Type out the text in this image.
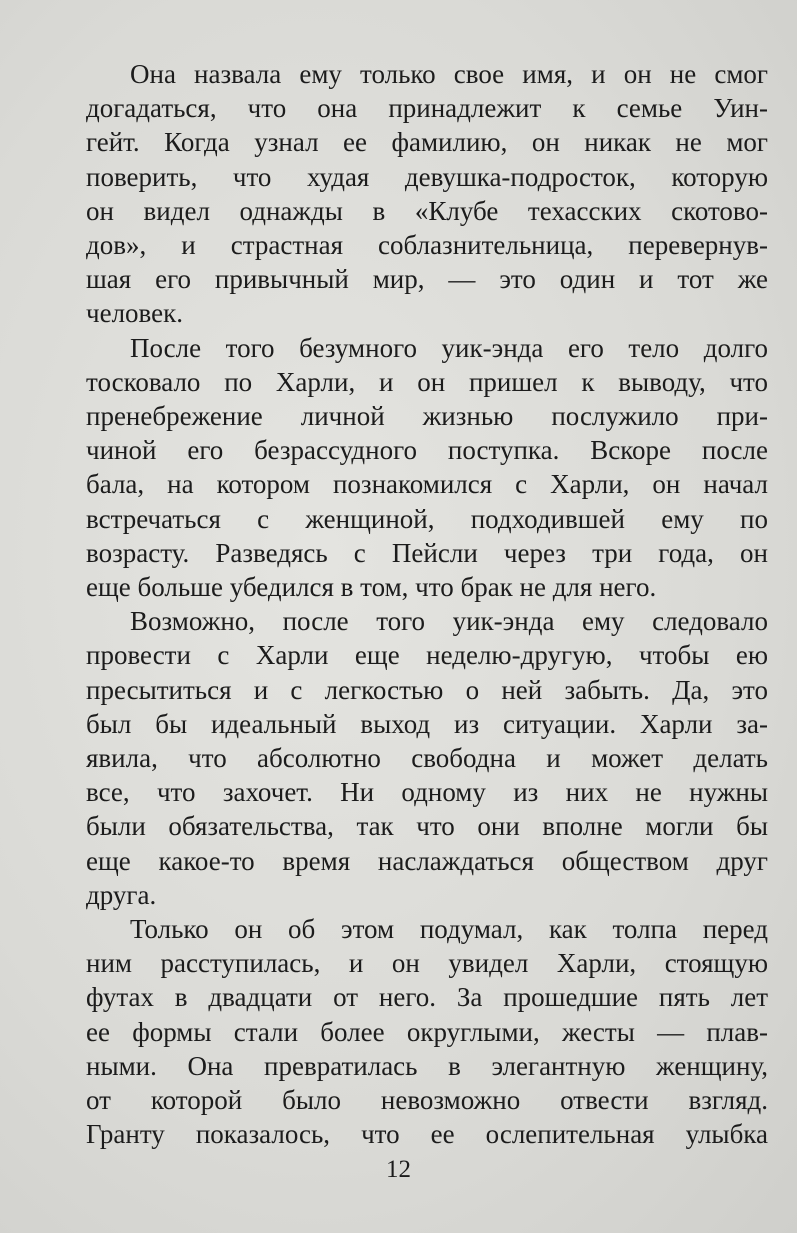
Она назвала ему только свое имя, и он не смог
догадаться, что она принадлежит к семье Уин-
гейт. Когда узнал ее фамилию, он никак не мог
поверить, что худая девушка-подросток, которую
он видел однажды в «Клубе техасских скотово-
дов», и страстная соблазнительница, перевернув-
шая его привычный мир, — это один и тот же
человек.
После того безумного уик-энда его тело долго
тосковало по Харли, и он пришел к выводу, что
пренебрежение личной жизнью послужило при-
чиной его безрассудного поступка. Вскоре после
бала, на котором познакомился с Харли, он начал
встречаться с женщиной, подходившей ему по
возрасту. Разведясь с Пейсли через три года, он
еще больше убедился в том, что брак не для него.
Возможно, после того уик-энда ему следовало
провести с Харли еще неделю-другую, чтобы ею
пресытиться и с легкостью о ней забыть. Да, это
был бы идеальный выход из ситуации. Харли за-
явила, что абсолютно свободна и может делать
все, что захочет. Ни одному из них не нужны
были обязательства, так что они вполне могли бы
еще какое-то время наслаждаться обществом друг
друга.
Только он об этом подумал, как толпа перед
ним расступилась, и он увидел Харли, стоящую
футах в двадцати от него. За прошедшие пять лет
ее формы стали более округлыми, жесты — плав-
ными. Она превратилась в элегантную женщину,
от которой было невозможно отвести взгляд.
Гранту показалось, что ее ослепительная улыбка
12
